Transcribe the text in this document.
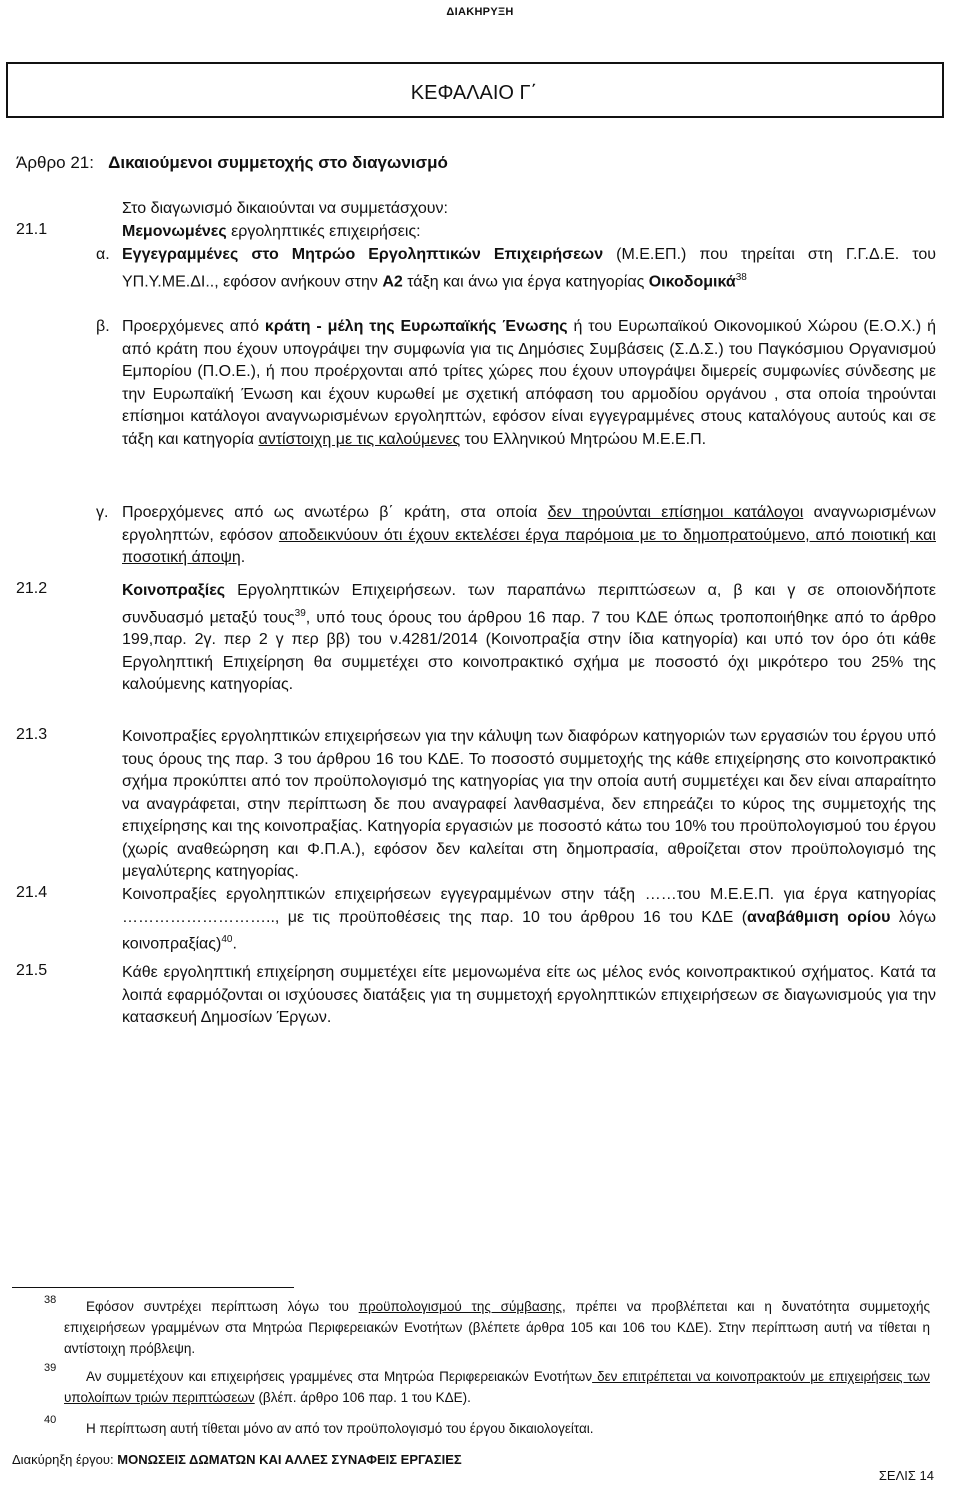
ΔΙΑΚΗΡΥΞΗ
ΚΕΦΑΛΑΙΟ Γ΄
Άρθρο 21: Δικαιούμενοι συμμετοχής στο διαγωνισμό
Στο διαγωνισμό δικαιούνται να συμμετάσχουν:
21.1	Μεμονωμένες εργοληπτικές επιχειρήσεις:
α. Εγγεγραμμένες στο Μητρώο Εργοληπτικών Επιχειρήσεων (Μ.Ε.ΕΠ.) που τηρείται στη Γ.Γ.Δ.Ε. του ΥΠ.Υ.ΜΕ.ΔΙ.., εφόσον ανήκουν στην Α2 τάξη και άνω για έργα κατηγορίας Οικοδομικά$^{38}$
β. Προερχόμενες από κράτη - μέλη της Ευρωπαϊκής Ένωσης ή του Ευρωπαϊκού Οικονομικού Χώρου (Ε.Ο.Χ.) ή από κράτη που έχουν υπογράψει την συμφωνία για τις Δημόσιες Συμβάσεις (Σ.Δ.Σ.) του Παγκόσμιου Οργανισμού Εμπορίου (Π.Ο.Ε.), ή που προέρχονται από τρίτες χώρες που έχουν υπογράψει διμερείς συμφωνίες σύνδεσης με την Ευρωπαϊκή Ένωση και έχουν κυρωθεί με σχετική απόφαση του αρμοδίου οργάνου , στα οποία τηρούνται επίσημοι κατάλογοι αναγνωρισμένων εργοληπτών, εφόσον είναι εγγεγραμμένες στους καταλόγους αυτούς και σε τάξη και κατηγορία αντίστοιχη με τις καλούμενες του Ελληνικού Μητρώου Μ.Ε.Ε.Π.
γ. Προερχόμενες από ως ανωτέρω β΄ κράτη, στα οποία δεν τηρούνται επίσημοι κατάλογοι αναγνωρισμένων εργοληπτών, εφόσον αποδεικνύουν ότι έχουν εκτελέσει έργα παρόμοια με το δημοπρατούμενο, από ποιοτική και ποσοτική άποψη.
21.2	Κοινοπραξίες Εργοληπτικών Επιχειρήσεων. των παραπάνω περιπτώσεων α, β και γ σε οποιονδήποτε συνδυασμό μεταξύ τους$^{39}$, υπό τους όρους του άρθρου 16 παρ. 7 του ΚΔΕ όπως τροποποιήθηκε από το άρθρο 199,παρ. 2γ. περ 2 γ περ ββ) του ν.4281/2014 (Κοινοπραξία στην ίδια κατηγορία) και υπό τον όρο ότι κάθε Εργοληπτική Επιχείρηση θα συμμετέχει στο κοινοπρακτικό σχήμα με ποσοστό όχι μικρότερο του 25% της καλούμενης κατηγορίας.
21.3	Κοινοπραξίες εργοληπτικών επιχειρήσεων για την κάλυψη των διαφόρων κατηγοριών των εργασιών του έργου υπό τους όρους της παρ. 3 του άρθρου 16 του ΚΔΕ. Το ποσοστό συμμετοχής της κάθε επιχείρησης στο κοινοπρακτικό σχήμα προκύπτει από τον προϋπολογισμό της κατηγορίας για την οποία αυτή συμμετέχει και δεν είναι απαραίτητο να αναγράφεται, στην περίπτωση δε που αναγραφεί λανθασμένα, δεν επηρεάζει το κύρος της συμμετοχής της επιχείρησης και της κοινοπραξίας. Κατηγορία εργασιών με ποσοστό κάτω του 10% του προϋπολογισμού του έργου (χωρίς αναθεώρηση και Φ.Π.Α.), εφόσον δεν καλείται στη δημοπρασία, αθροίζεται στον προϋπολογισμό της μεγαλύτερης κατηγορίας.
21.4	Κοινοπραξίες εργοληπτικών επιχειρήσεων εγγεγραμμένων στην τάξη ……του Μ.Ε.Ε.Π. για έργα κατηγορίας ……………………….., με τις προϋποθέσεις της παρ. 10 του άρθρου 16 του ΚΔΕ (αναβάθμιση ορίου λόγω κοινοπραξίας)$^{40}$.
21.5	Κάθε εργοληπτική επιχείρηση συμμετέχει είτε μεμονωμένα είτε ως μέλος ενός κοινοπρακτικού σχήματος. Κατά τα λοιπά εφαρμόζονται οι ισχύουσες διατάξεις για τη συμμετοχή εργοληπτικών επιχειρήσεων σε διαγωνισμούς για την κατασκευή Δημοσίων Έργων.
38	Εφόσον συντρέχει περίπτωση λόγω του προϋπολογισμού της σύμβασης, πρέπει να προβλέπεται και η δυνατότητα συμμετοχής επιχειρήσεων γραμμένων στα Μητρώα Περιφερειακών Ενοτήτων (βλέπετε άρθρα 105 και 106 του ΚΔΕ). Στην περίπτωση αυτή να τίθεται η αντίστοιχη πρόβλεψη.
39
Αν συμμετέχουν και επιχειρήσεις γραμμένες στα Μητρώα Περιφερειακών Ενοτήτων δεν επιτρέπεται να κοινοπρακτούν με επιχειρήσεις των υπολοίπων τριών περιπτώσεων (βλέπ. άρθρο 106 παρ. 1 του ΚΔΕ).
40
Η περίπτωση αυτή τίθεται μόνο αν από τον προϋπολογισμό του έργου δικαιολογείται.
Διακύρηξη έργου: ΜΟΝΩΣΕΙΣ ΔΩΜΑΤΩΝ ΚΑΙ ΑΛΛΕΣ ΣΥΝΑΦΕΙΣ ΕΡΓΑΣΙΕΣ
ΣΕΛΙΣ 14
